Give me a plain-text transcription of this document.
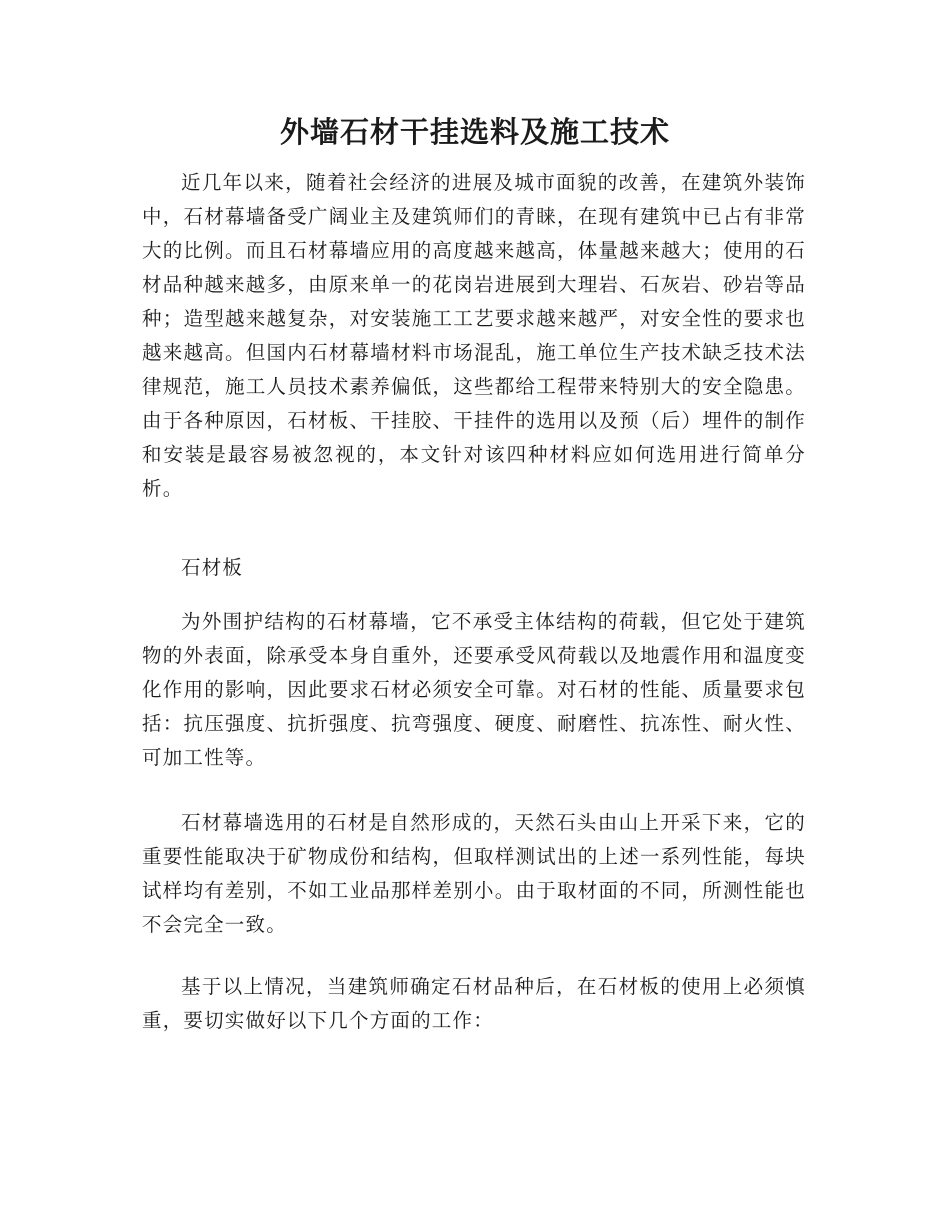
外墙石材干挂选料及施工技术

近几年以来，随着社会经济的进展及城市面貌的改善，在建筑外装饰中，石材幕墙备受广阔业主及建筑师们的青睐，在现有建筑中已占有非常大的比例。而且石材幕墙应用的高度越来越高，体量越来越大；使用的石材品种越来越多，由原来单一的花岗岩进展到大理岩、石灰岩、砂岩等品种；造型越来越复杂，对安装施工工艺要求越来越严，对安全性的要求也越来越高。但国内石材幕墙材料市场混乱，施工单位生产技术缺乏技术法律规范，施工人员技术素养偏低，这些都给工程带来特别大的安全隐患。由于各种原因，石材板、干挂胶、干挂件的选用以及预（后）埋件的制作和安装是最容易被忽视的，本文针对该四种材料应如何选用进行简单分析。

石材板

为外围护结构的石材幕墙，它不承受主体结构的荷载，但它处于建筑物的外表面，除承受本身自重外，还要承受风荷载以及地震作用和温度变化作用的影响，因此要求石材必须安全可靠。对石材的性能、质量要求包括：抗压强度、抗折强度、抗弯强度、硬度、耐磨性、抗冻性、耐火性、可加工性等。

石材幕墙选用的石材是自然形成的，天然石头由山上开采下来，它的重要性能取决于矿物成份和结构，但取样测试出的上述一系列性能，每块试样均有差别，不如工业品那样差别小。由于取材面的不同，所测性能也不会完全一致。

基于以上情况，当建筑师确定石材品种后，在石材板的使用上必须慎重，要切实做好以下几个方面的工作：
